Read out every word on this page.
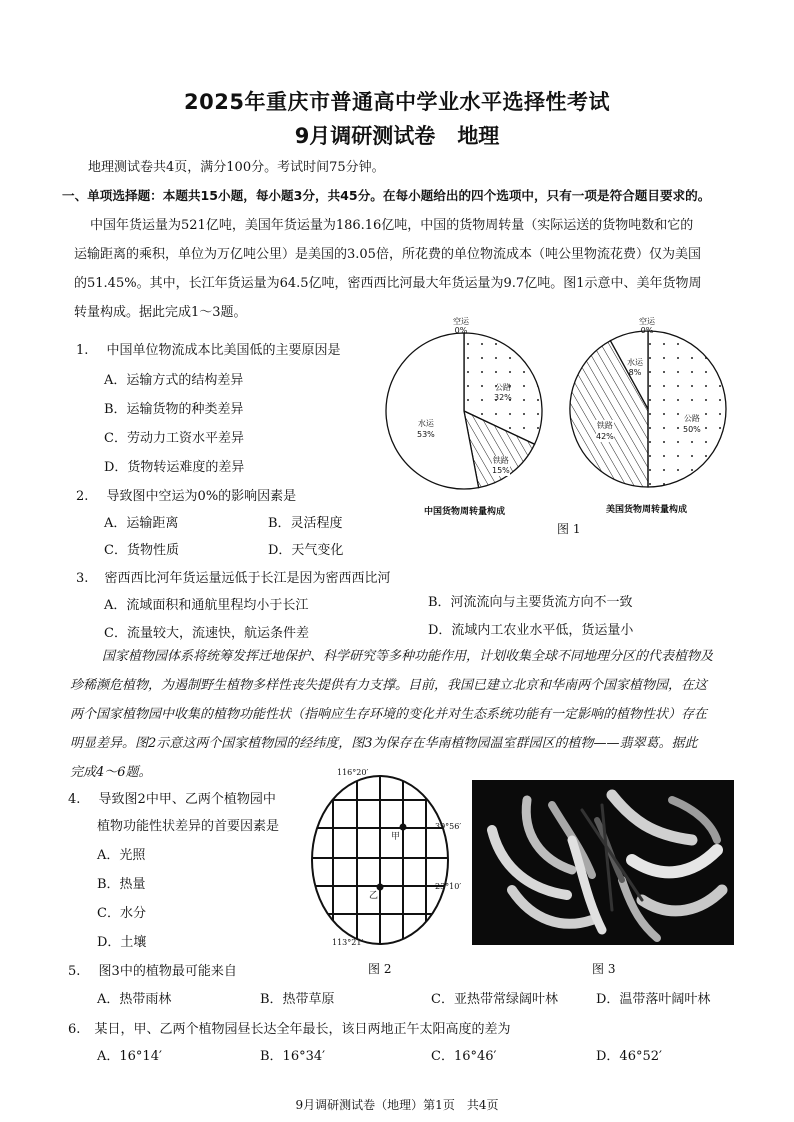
2025年重庆市普通高中学业水平选择性考试
9月调研测试卷 地理
地理测试卷共4页，满分100分。考试时间75分钟。
一、单项选择题：本题共15小题，每小题3分，共45分。在每小题给出的四个选项中，只有一项是符合题目要求的。

中国年货运量为521亿吨，美国年货运量为186.16亿吨，中国的货物周转量（实际运送的货物吨数和它的

运输距离的乘积，单位为万亿吨公里）是美国的3.05倍，所花费的单位物流成本（吨公里物流花费）仅为美国

的51.45%。其中，长江年货运量为64.5亿吨，密西西比河最大年货运量为9.7亿吨。图1示意中、美年货物周

转量构成。据此完成1～3题。

1. 中国单位物流成本比美国低的主要原因是
A．运输方式的结构差异
B．运输货物的种类差异
C．劳动力工资水平差异
D．货物转运难度的差异
2. 导致图中空运为0%的影响因素是
A．运输距离	B．灵活程度
C．货物性质	D．天气变化
空运
0%
公路
32%
铁路
15%
水运
53%
空运
0%
公路
50%
铁路
42%
水运
8%
中国货物周转量构成	美国货物周转量构成
图 1
3. 密西西比河年货运量远低于长江是因为密西西比河
A．流域面积和通航里程均小于长江	B．河流流向与主要货流方向不一致
C．流量较大，流速快，航运条件差	D．流域内工农业水平低，货运量小

国家植物园体系将统筹发挥迁地保护、科学研究等多种功能作用，计划收集全球不同地理分区的代表植物及

珍稀濒危植物，为遏制野生植物多样性丧失提供有力支撑。目前，我国已建立北京和华南两个国家植物园，在这

两个国家植物园中收集的植物功能性状（指响应生存环境的变化并对生态系统功能有一定影响的植物性状）存在

明显差异。图2示意这两个国家植物园的经纬度，图3为保存在华南植物园温室群园区的植物——翡翠葛。据此

完成4～6题。

4. 导致图2中甲、乙两个植物园中
植物功能性状差异的首要因素是
A．光照
B．热量
C．水分
D．土壤
116°20′
113°21′
39°56′
23°10′
甲
乙
图 2	图 3
5. 图3中的植物最可能来自
A．热带雨林	B．热带草原	C．亚热带常绿阔叶林	D．温带落叶阔叶林
6. 某日，甲、乙两个植物园昼长达全年最长，该日两地正午太阳高度的差为
A．16°14′	B．16°34′	C．16°46′	D．46°52′
9月调研测试卷（地理）第1页　共4页
